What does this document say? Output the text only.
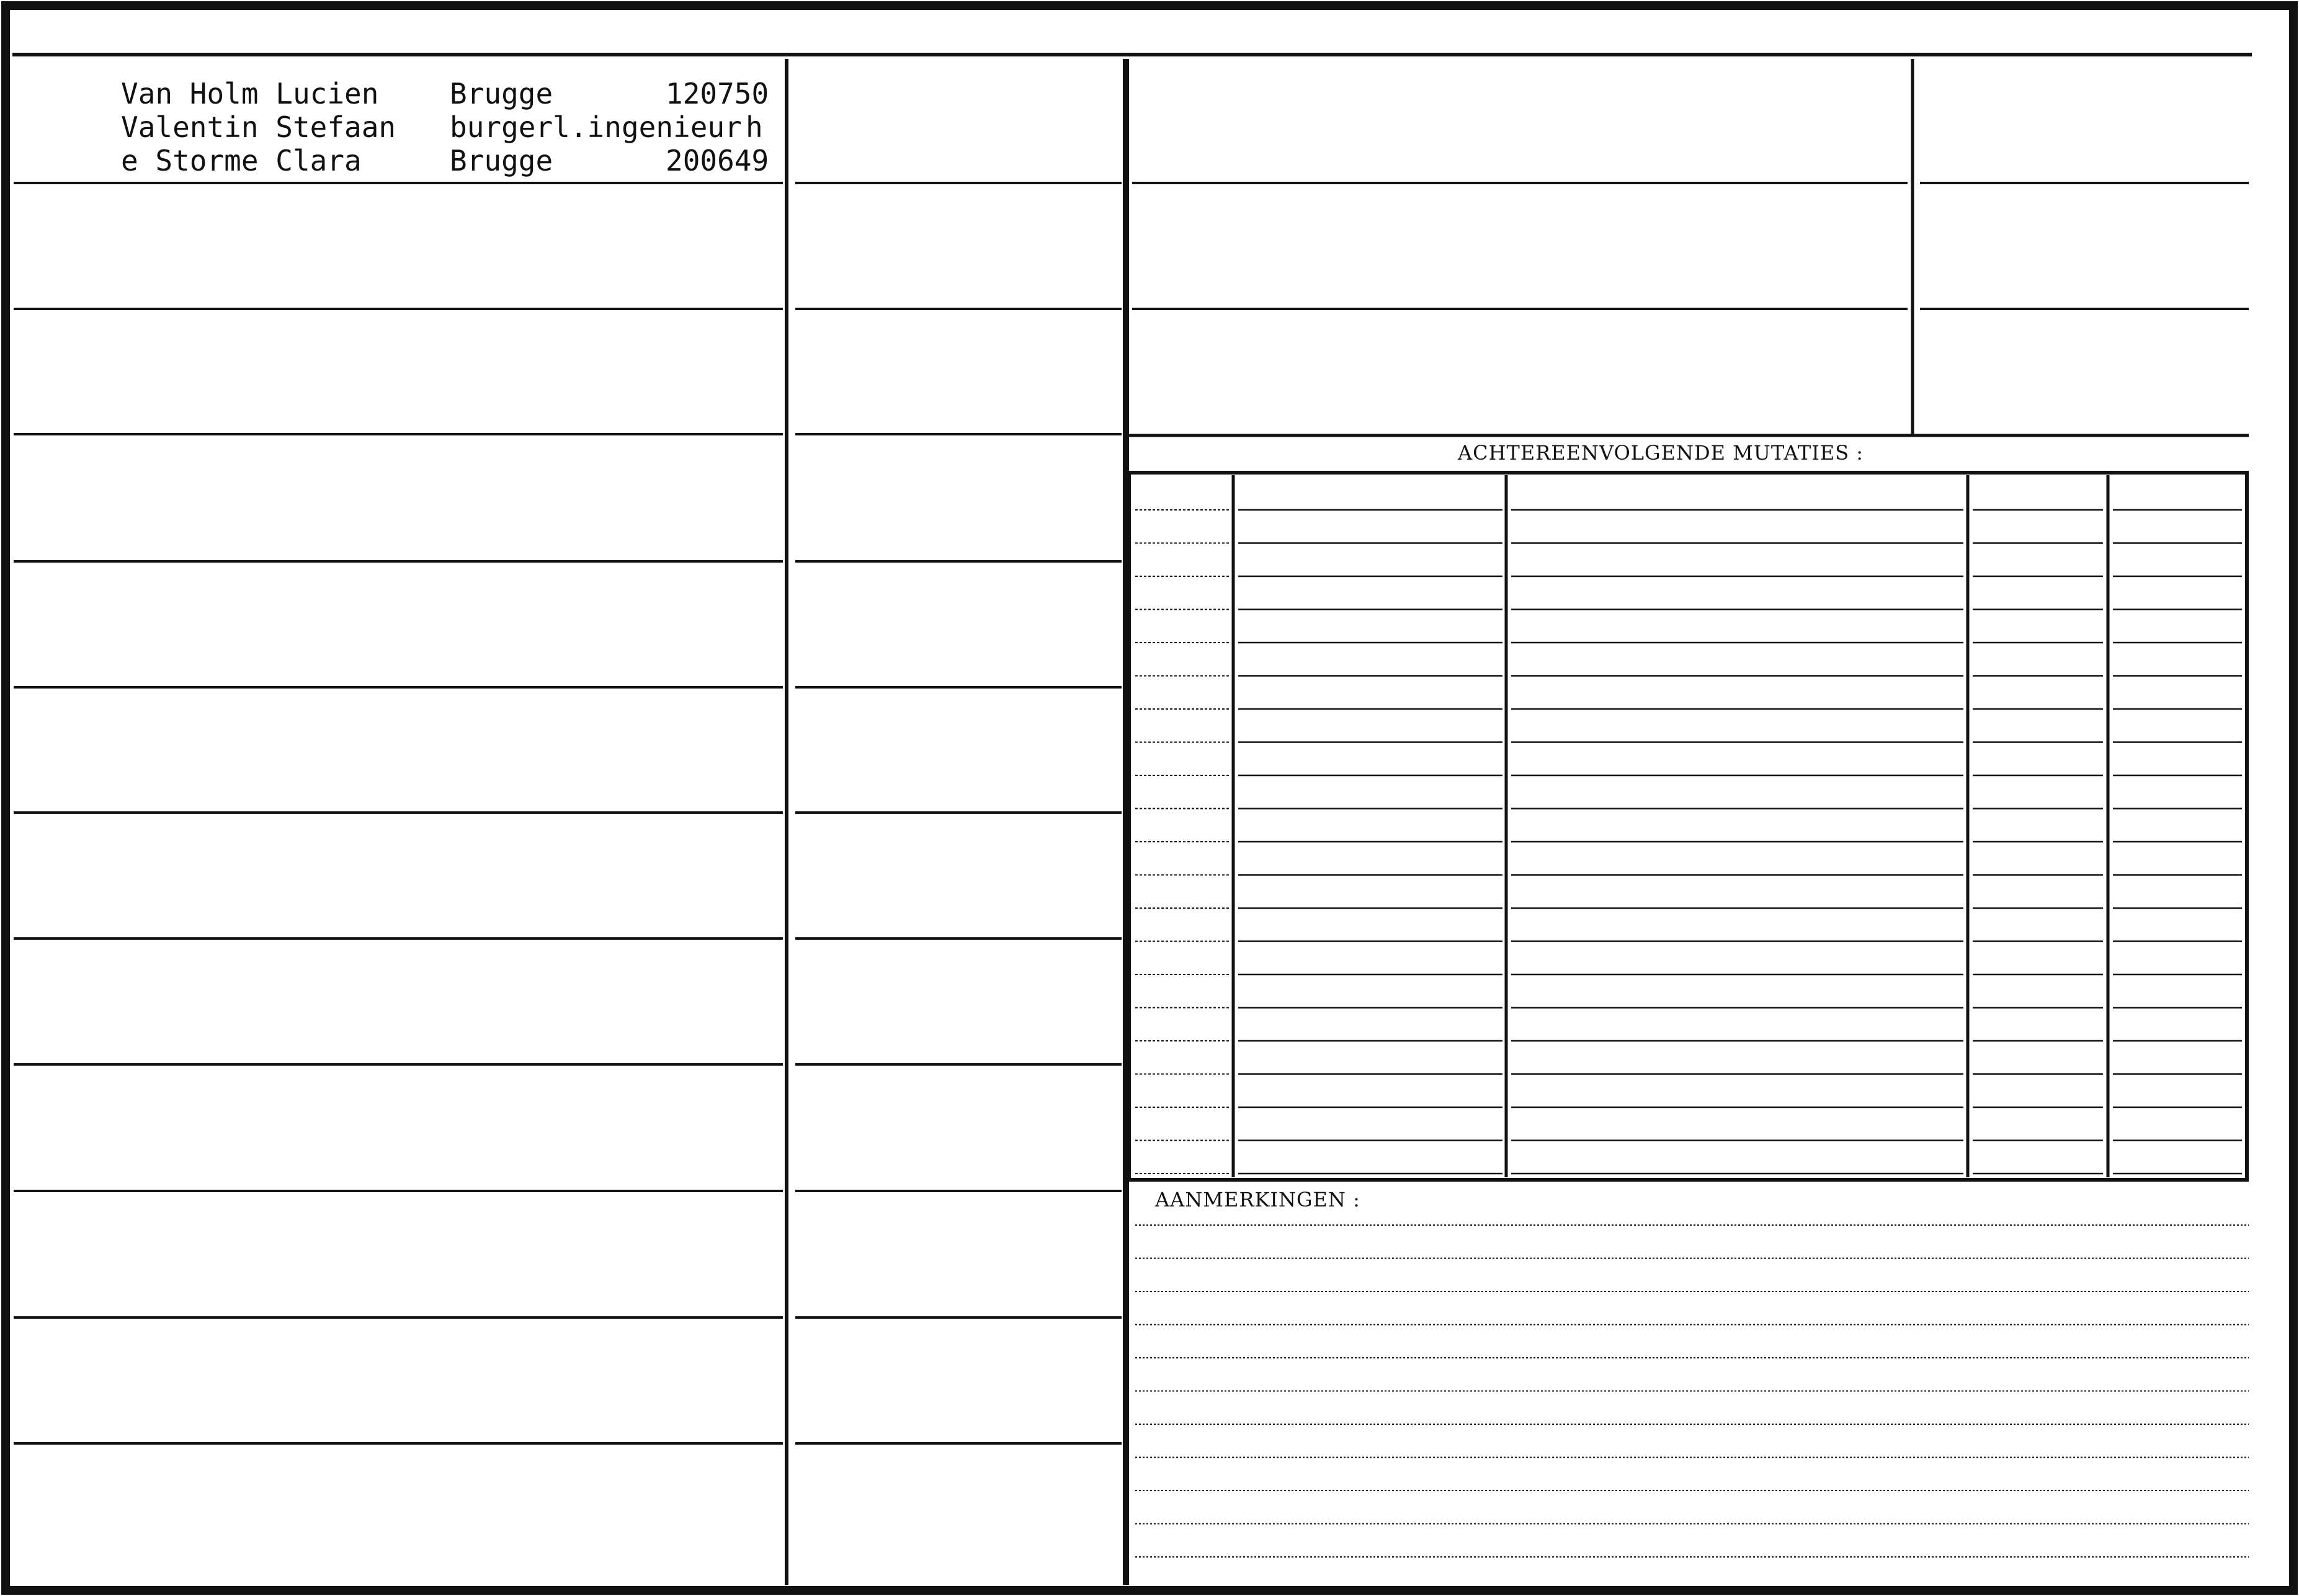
Van Holm Lucien
Valentin Stefaan
e Storme Clara
Brugge
burgerl.ingenieur
Brugge
120750
h
200649
ACHTEREENVOLGENDE MUTATIES :
AANMERKINGEN :
